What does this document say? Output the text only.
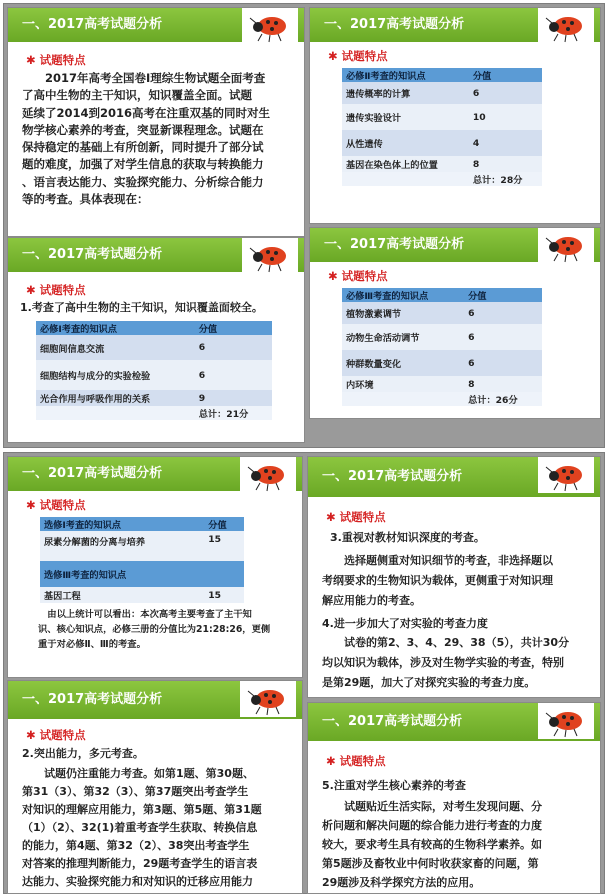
一、2017高考试题分析
✱ 试题特点
2017年高考全国卷Ⅰ理综生物试题全面考查
了高中生物的主干知识，知识覆盖全面。试题
延续了2014到2016高考在注重双基的同时对生
物学核心素养的考查，突显新课程理念。试题在
保持稳定的基础上有所创新，同时提升了部分试
题的难度，加强了对学生信息的获取与转换能力
、语言表达能力、实验探究能力、分析综合能力
等的考查。具体表现在：
一、2017高考试题分析
✱ 试题特点
必修Ⅱ考查的知识点	分值
遗传概率的计算	6
遗传实验设计	10
从性遗传	4
基因在染色体上的位置	8
	总计：28分
一、2017高考试题分析
✱ 试题特点
1.考查了高中生物的主干知识，知识覆盖面较全。
必修Ⅰ考查的知识点	分值
细胞间信息交流	6
细胞结构与成分的实验检验	6
光合作用与呼吸作用的关系	9
	总计：21分
一、2017高考试题分析
✱ 试题特点
必修Ⅲ考查的知识点	分值
植物激素调节	6
动物生命活动调节	6
种群数量变化	6
内环境	8
	总计：26分
一、2017高考试题分析
✱ 试题特点
选修Ⅰ考查的知识点	分值
尿素分解菌的分离与培养	15
选修Ⅲ考查的知识点	
基因工程	15
由以上统计可以看出：本次高考主要考查了主干知
识、核心知识点，必修三册的分值比为21:28:26，更侧
重于对必修Ⅱ、Ⅲ的考查。
一、2017高考试题分析
✱ 试题特点
3.重视对教材知识深度的考查。
选择题侧重对知识细节的考查，非选择题以
考纲要求的生物知识为载体，更侧重于对知识理
解应用能力的考查。
4.进一步加大了对实验的考查力度
试卷的第2、3、4、29、38（5），共计30分
均以知识为载体，涉及对生物学实验的考查，特别
是第29题，加大了对探究实验的考查力度。
一、2017高考试题分析
✱ 试题特点
2.突出能力，多元考查。
试题仍注重能力考查。如第1题、第30题、
第31（3）、第32（3）、第37题突出考查学生
对知识的理解应用能力，第3题、第5题、第31题
（1）（2）、32(1)着重考查学生获取、转换信息
的能力，第4题、第32（2）、38突出考查学生
对答案的推理判断能力，29题考查学生的语言表
达能力、实验探究能力和对知识的迁移应用能力
一、2017高考试题分析
✱ 试题特点
5.注重对学生核心素养的考查
试题贴近生活实际，对考生发现问题、分
析问题和解决问题的综合能力进行考查的力度
较大，要求考生具有较高的生物科学素养。如
第5题涉及畜牧业中何时收获家畜的问题，第
29题涉及科学探究方法的应用。
